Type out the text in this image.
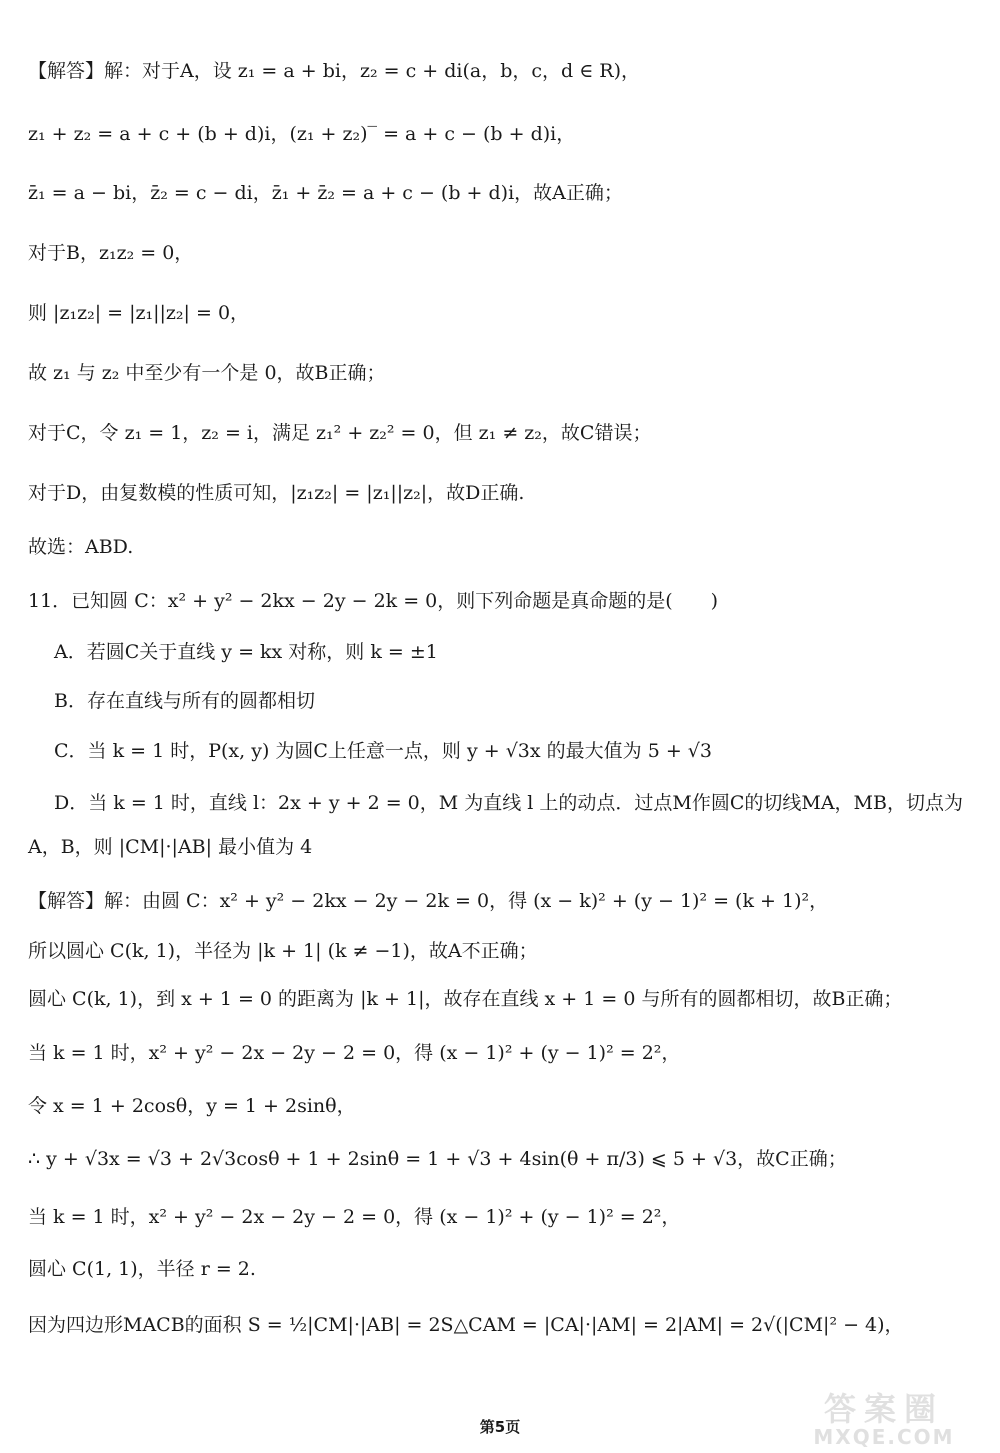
【解答】解：对于A，设 z₁ = a + bi，z₂ = c + di(a，b，c，d ∈ R)，
z₁ + z₂ = a + c + (b + d)i，(z₁ + z₂)‾ = a + c − (b + d)i，
z̄₁ = a − bi，z̄₂ = c − di，z̄₁ + z̄₂ = a + c − (b + d)i，故A正确；
对于B，z₁z₂ = 0，
则 |z₁z₂| = |z₁||z₂| = 0，
故 z₁ 与 z₂ 中至少有一个是 0，故B正确；
对于C，令 z₁ = 1，z₂ = i，满足 z₁² + z₂² = 0，但 z₁ ≠ z₂，故C错误；
对于D，由复数模的性质可知，|z₁z₂| = |z₁||z₂|，故D正确.
故选：ABD.
11．已知圆 C：x² + y² − 2kx − 2y − 2k = 0，则下列命题是真命题的是(　　)
A．若圆C关于直线 y = kx 对称，则 k = ±1
B．存在直线与所有的圆都相切
C．当 k = 1 时，P(x, y) 为圆C上任意一点，则 y + √3x 的最大值为 5 + √3
D．当 k = 1 时，直线 l：2x + y + 2 = 0，M 为直线 l 上的动点．过点M作圆C的切线MA，MB，切点为
A，B，则 |CM|·|AB| 最小值为 4
【解答】解：由圆 C：x² + y² − 2kx − 2y − 2k = 0，得 (x − k)² + (y − 1)² = (k + 1)²，
所以圆心 C(k, 1)，半径为 |k + 1| (k ≠ −1)，故A不正确；
圆心 C(k, 1)，到 x + 1 = 0 的距离为 |k + 1|，故存在直线 x + 1 = 0 与所有的圆都相切，故B正确；
当 k = 1 时，x² + y² − 2x − 2y − 2 = 0，得 (x − 1)² + (y − 1)² = 2²，
令 x = 1 + 2cosθ，y = 1 + 2sinθ，
∴ y + √3x = √3 + 2√3cosθ + 1 + 2sinθ = 1 + √3 + 4sin(θ + π/3) ⩽ 5 + √3，故C正确；
当 k = 1 时，x² + y² − 2x − 2y − 2 = 0，得 (x − 1)² + (y − 1)² = 2²，
圆心 C(1, 1)，半径 r = 2.
因为四边形MACB的面积 S = ½|CM|·|AB| = 2S△CAM = |CA|·|AM| = 2|AM| = 2√(|CM|² − 4)，
第5页	答案圈
MXQE.COM
